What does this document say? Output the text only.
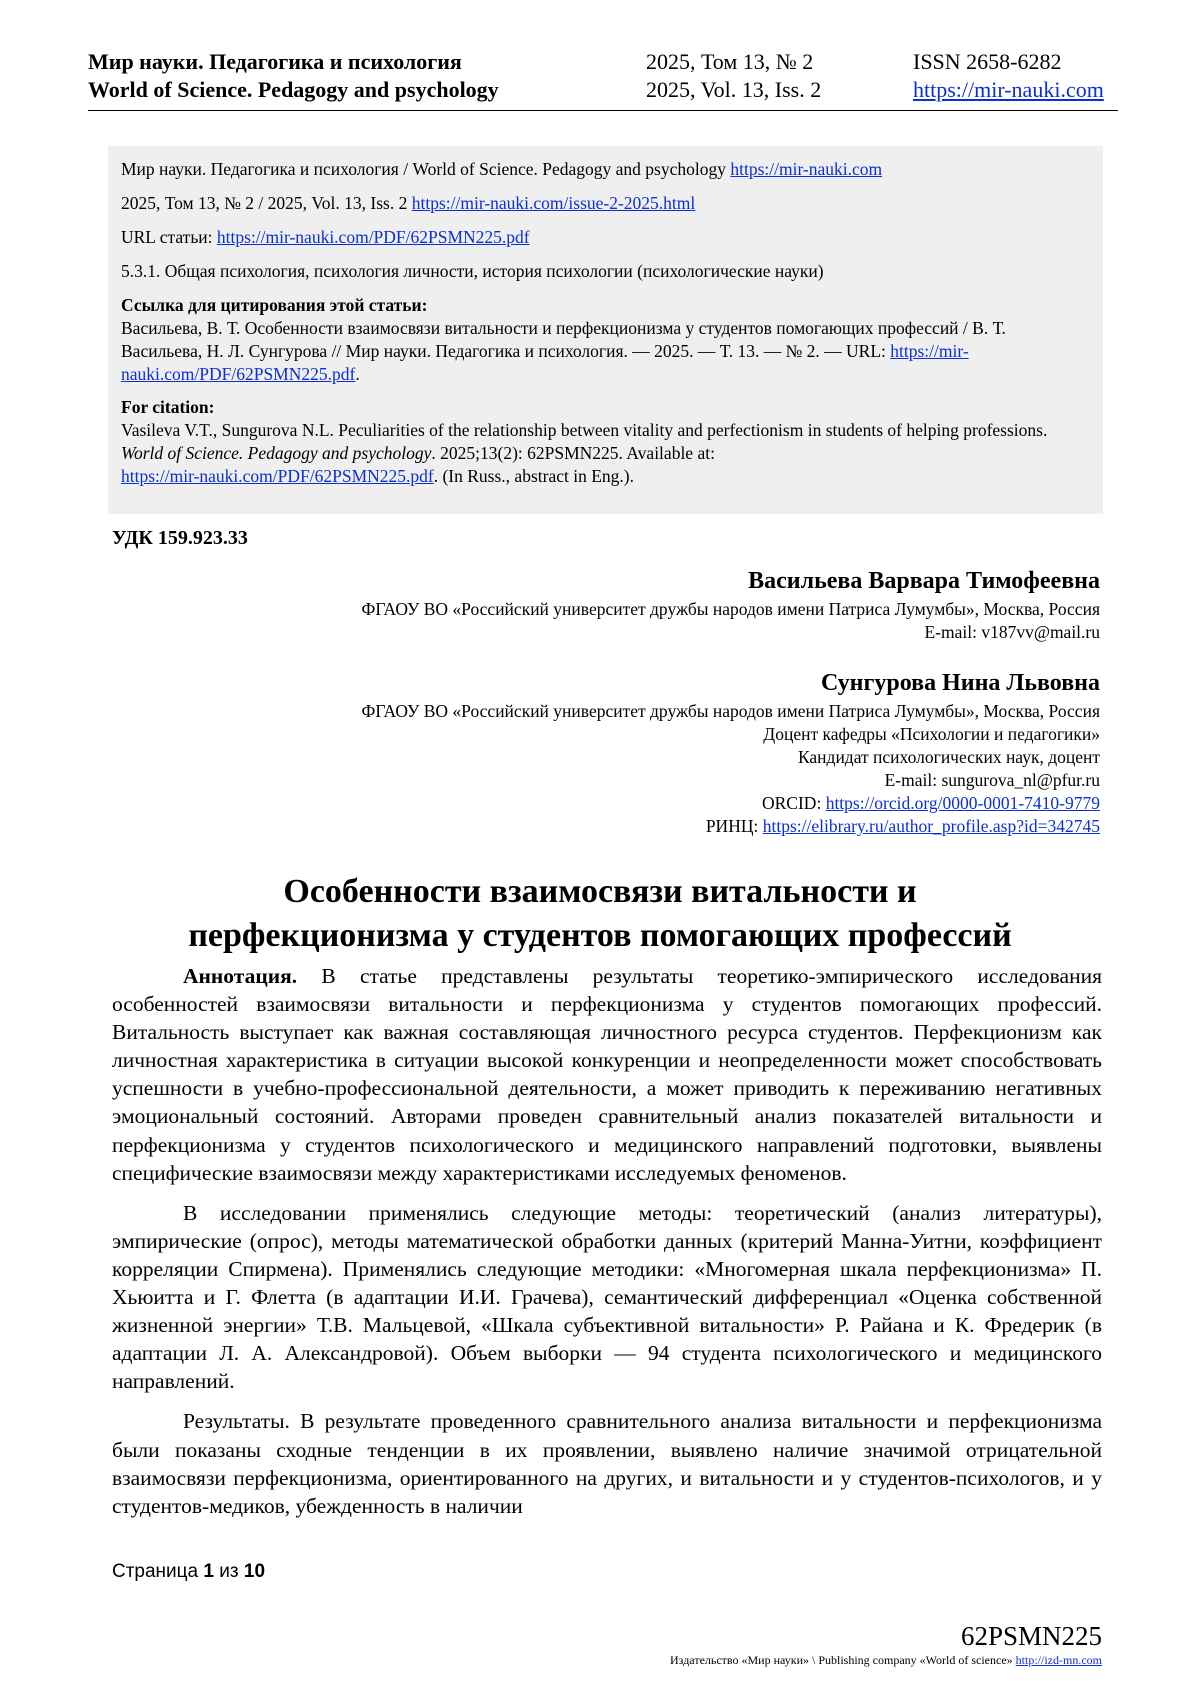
Мир науки. Педагогика и психология
World of Science. Pedagogy and psychology
2025, Том 13, № 2
2025, Vol. 13, Iss. 2
ISSN 2658-6282
https://mir-nauki.com

Мир науки. Педагогика и психология / World of Science. Pedagogy and psychology https://mir-nauki.com

2025, Том 13, № 2 / 2025, Vol. 13, Iss. 2 https://mir-nauki.com/issue-2-2025.html

URL статьи: https://mir-nauki.com/PDF/62PSMN225.pdf

5.3.1. Общая психология, психология личности, история психологии (психологические науки)

Ссылка для цитирования этой статьи:
Васильева, В. Т. Особенности взаимосвязи витальности и перфекционизма у студентов помогающих профессий / В. Т. Васильева, Н. Л. Сунгурова // Мир науки. Педагогика и психология. — 2025. — Т. 13. — № 2. — URL: https://mir-nauki.com/PDF/62PSMN225.pdf.

For citation:
Vasileva V.T., Sungurova N.L. Peculiarities of the relationship between vitality and perfectionism in students of helping professions. World of Science. Pedagogy and psychology. 2025;13(2): 62PSMN225. Available at:
https://mir-nauki.com/PDF/62PSMN225.pdf. (In Russ., abstract in Eng.).

УДК 159.923.33
Васильева Варвара Тимофеевна
ФГАОУ ВО «Российский университет дружбы народов имени Патриса Лумумбы», Москва, Россия
E-mail: v187vv@mail.ru
Сунгурова Нина Львовна
ФГАОУ ВО «Российский университет дружбы народов имени Патриса Лумумбы», Москва, Россия
Доцент кафедры «Психологии и педагогики»
Кандидат психологических наук, доцент
E-mail: sungurova_nl@pfur.ru
ORCID: https://orcid.org/0000-0001-7410-9779
РИНЦ: https://elibrary.ru/author_profile.asp?id=342745
Особенности взаимосвязи витальности и
перфекционизма у студентов помогающих профессий

Аннотация. В статье представлены результаты теоретико-эмпирического исследования особенностей взаимосвязи витальности и перфекционизма у студентов помогающих профессий. Витальность выступает как важная составляющая личностного ресурса студентов. Перфекционизм как личностная характеристика в ситуации высокой конкуренции и неопределенности может способствовать успешности в учебно-профессиональной деятельности, а может приводить к переживанию негативных эмоциональный состояний. Авторами проведен сравнительный анализ показателей витальности и перфекционизма у студентов психологического и медицинского направлений подготовки, выявлены специфические взаимосвязи между характеристиками исследуемых феноменов.

В исследовании применялись следующие методы: теоретический (анализ литературы), эмпирические (опрос), методы математической обработки данных (критерий Манна-Уитни, коэффициент корреляции Спирмена). Применялись следующие методики: «Многомерная шкала перфекционизма» П. Хьюитта и Г. Флетта (в адаптации И.И. Грачева), семантический дифференциал «Оценка собственной жизненной энергии» Т.В. Мальцевой, «Шкала субъективной витальности» Р. Райана и К. Фредерик (в адаптации Л. А. Александровой). Объем выборки — 94 студента психологического и медицинского направлений.

Результаты. В результате проведенного сравнительного анализа витальности и перфекционизма были показаны сходные тенденции в их проявлении, выявлено наличие значимой отрицательной взаимосвязи перфекционизма, ориентированного на других, и витальности и у студентов-психологов, и у студентов-медиков, убежденность в наличии

Страница 1 из 10
62PSMN225
Издательство «Мир науки» \ Publishing company «World of science» http://izd-mn.com
